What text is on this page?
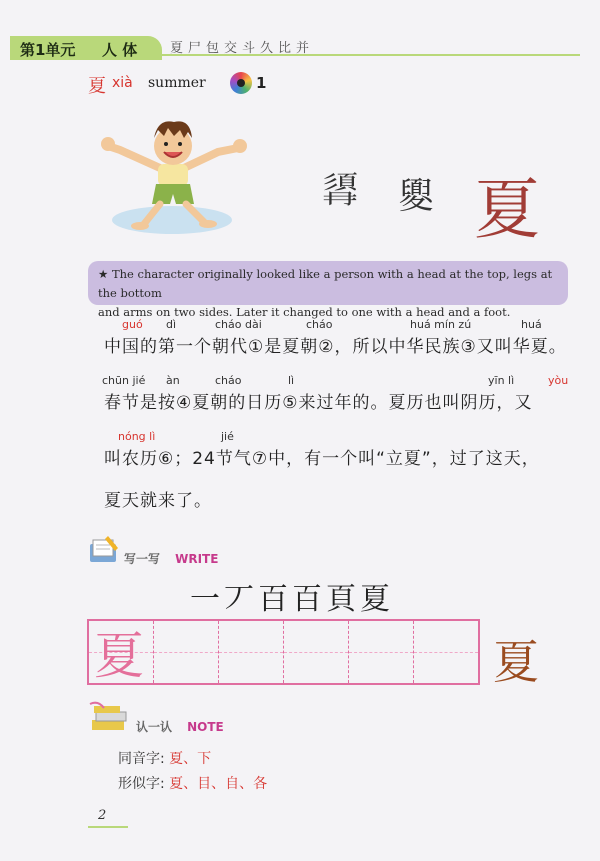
第1单元 人 体	夏尸包交斗久比并
夏 xià summer	1
𩒹 夓 夏
★ The character originally looked like a person with a head at the top, legs at the bottom
and arms on two sides. Later it changed to one with a head and a foot.
guó dì	cháo dài	cháo	huá mín zú	huá
中国的第一个朝代①是夏朝②，所以中华民族③又叫华夏。
chūn jié àn	cháo	lì	yīn lì	yòu
春节是按④夏朝的日历⑤来过年的。夏历也叫阴历，又
nóng lì	jié
叫农历⑥；24节气⑦中，有一个叫“立夏”，过了这天，
夏天就来了。
写一写 WRITE
一丆百百頁夏
夏	夏
认一认 NOTE
同音字: 夏、下
形似字: 夏、目、自、各
2
